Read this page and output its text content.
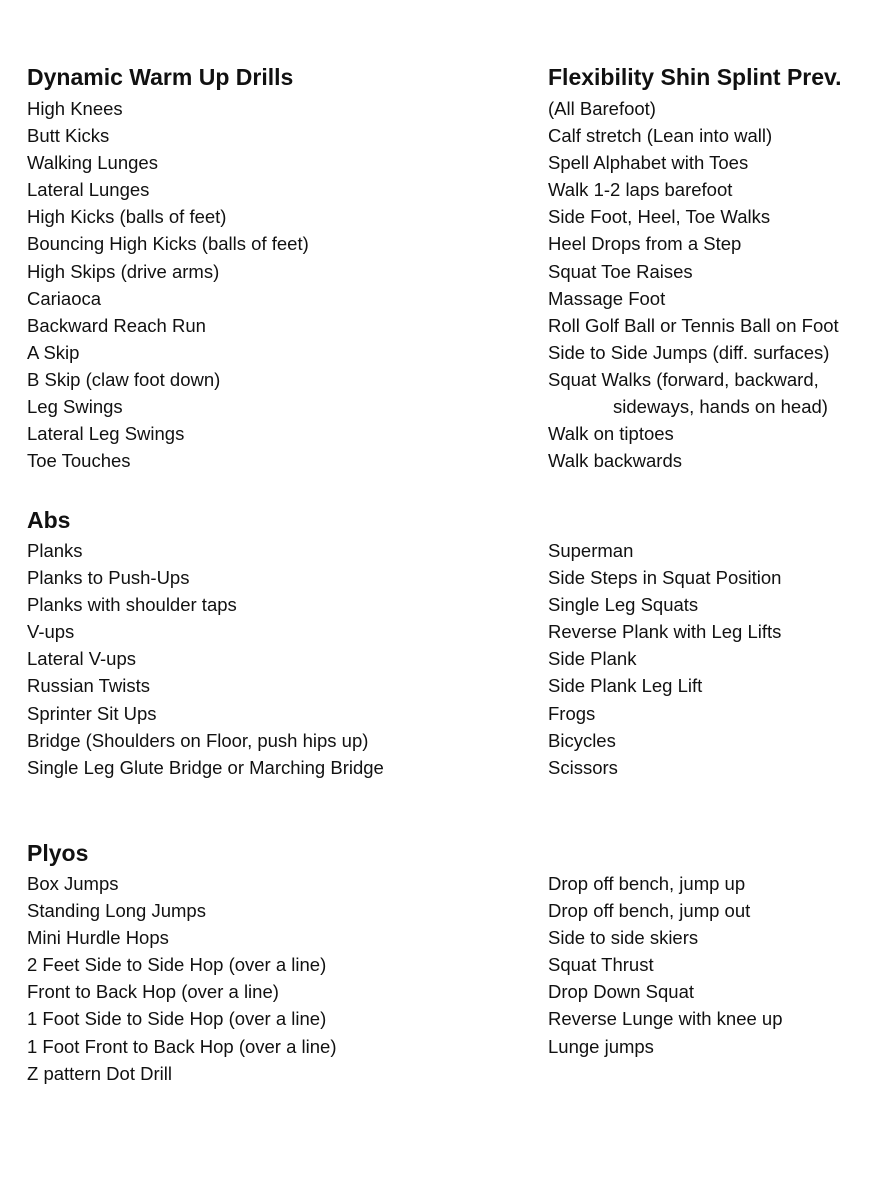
Dynamic Warm Up Drills
High Knees
Butt Kicks
Walking Lunges
Lateral Lunges
High Kicks (balls of feet)
Bouncing High Kicks (balls of feet)
High Skips (drive arms)
Cariaoca
Backward Reach Run
A Skip
B Skip (claw foot down)
Leg Swings
Lateral Leg Swings
Toe Touches
Flexibility Shin Splint Prev.
(All Barefoot)
Calf stretch (Lean into wall)
Spell Alphabet with Toes
Walk 1-2 laps barefoot
Side Foot, Heel, Toe Walks
Heel Drops from a Step
Squat Toe Raises
Massage Foot
Roll Golf Ball or Tennis Ball on Foot
Side to Side Jumps (diff. surfaces)
Squat Walks (forward, backward,
sideways, hands on head)
Walk on tiptoes
Walk backwards
Abs
Planks
Planks to Push-Ups
Planks with shoulder taps
V-ups
Lateral V-ups
Russian Twists
Sprinter Sit Ups
Bridge (Shoulders on Floor, push hips up)
Single Leg Glute Bridge or Marching Bridge
Superman
Side Steps in Squat Position
Single Leg Squats
Reverse Plank with Leg Lifts
Side Plank
Side Plank Leg Lift
Frogs
Bicycles
Scissors
Plyos
Box Jumps
Standing Long Jumps
Mini Hurdle Hops
2 Feet Side to Side Hop (over a line)
Front to Back Hop (over a line)
1 Foot Side to Side Hop (over a line)
1 Foot Front to Back Hop (over a line)
Z pattern Dot Drill
Drop off bench, jump up
Drop off bench, jump out
Side to side skiers
Squat Thrust
Drop Down Squat
Reverse Lunge with knee up
Lunge jumps
